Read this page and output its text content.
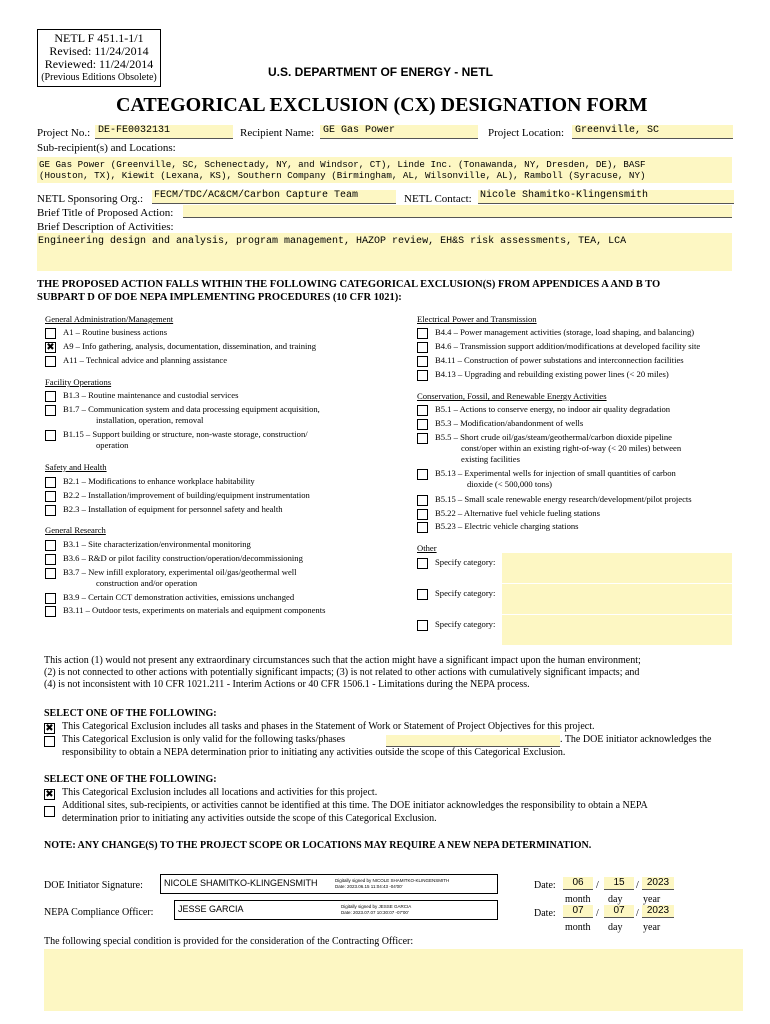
NETL F 451.1-1/1
Revised: 11/24/2014
Reviewed: 11/24/2014
(Previous Editions Obsolete)	U.S. DEPARTMENT OF ENERGY - NETL
CATEGORICAL EXCLUSION (CX) DESIGNATION FORM
Project No.: DE-FE0032131	Recipient Name: GE Gas Power	Project Location:	Greenville, SC
Sub-recipient(s) and Locations:
GE Gas Power (Greenville, SC, Schenectady, NY, and Windsor, CT), Linde Inc. (Tonawanda, NY, Dresden, DE), BASF
(Houston, TX), Kiewit (Lexana, KS), Southern Company (Birmingham, AL, Wilsonville, AL), Ramboll (Syracuse, NY)
NETL Sponsoring Org.: FECM/TDC/AC&CM/Carbon Capture Team	NETL Contact: Nicole Shamitko-Klingensmith
Brief Title of Proposed Action:
Brief Description of Activities:
Engineering design and analysis, program management, HAZOP review, EH&S risk assessments, TEA, LCA
THE PROPOSED ACTION FALLS WITHIN THE FOLLOWING CATEGORICAL EXCLUSION(S) FROM APPENDICES A AND B TO
SUBPART D OF DOE NEPA IMPLEMENTING PROCEDURES (10 CFR 1021):
General Administration/Management
A1 – Routine business actions
✖ A9 – Info gathering, analysis, documentation, dissemination, and training
A11 – Technical advice and planning assistance
Facility Operations
B1.3 – Routine maintenance and custodial services
B1.7 – Communication system and data processing equipment acquisition,
installation, operation, removal
B1.15 – Support building or structure, non-waste storage, construction/
operation
Safety and Health
B2.1 – Modifications to enhance workplace habitability
B2.2 – Installation/improvement of building/equipment instrumentation
B2.3 – Installation of equipment for personnel safety and health
General Research
B3.1 – Site characterization/environmental monitoring
B3.6 – R&D or pilot facility construction/operation/decommissioning
B3.7 – New infill exploratory, experimental oil/gas/geothermal well
construction and/or operation
B3.9 – Certain CCT demonstration activities, emissions unchanged
B3.11 – Outdoor tests, experiments on materials and equipment components
Electrical Power and Transmission
B4.4 – Power management activities (storage, load shaping, and balancing)
B4.6 – Transmission support addition/modifications at developed facility site
B4.11 – Construction of power substations and interconnection facilities
B4.13 – Upgrading and rebuilding existing power lines (< 20 miles)
Conservation, Fossil, and Renewable Energy Activities
B5.1 – Actions to conserve energy, no indoor air quality degradation
B5.3 – Modification/abandonment of wells
B5.5 – Short crude oil/gas/steam/geothermal/carbon dioxide pipeline
const/oper within an existing right-of-way (< 20 miles) between
existing facilities
B5.13 – Experimental wells for injection of small quantities of carbon
dioxide (< 500,000 tons)
B5.15 – Small scale renewable energy research/development/pilot projects
B5.22 – Alternative fuel vehicle fueling stations
B5.23 – Electric vehicle charging stations
Other
Specify category:
Specify category:
Specify category:
This action (1) would not present any extraordinary circumstances such that the action might have a significant impact upon the human environment;
(2) is not connected to other actions with potentially significant impacts; (3) is not related to other actions with cumulatively significant impacts; and
(4) is not inconsistent with 10 CFR 1021.211 - Interim Actions or 40 CFR 1506.1 - Limitations during the NEPA process.
SELECT ONE OF THE FOLLOWING:
✖ This Categorical Exclusion includes all tasks and phases in the Statement of Work or Statement of Project Objectives for this project.
This Categorical Exclusion is only valid for the following tasks/phases	. The DOE initiator acknowledges the
responsibility to obtain a NEPA determination prior to initiating any activities outside the scope of this Categorical Exclusion.
SELECT ONE OF THE FOLLOWING:
✖ This Categorical Exclusion includes all locations and activities for this project.
Additional sites, sub-recipients, or activities cannot be identified at this time. The DOE initiator acknowledges the responsibility to obtain a NEPA
determination prior to initiating any activities outside the scope of this Categorical Exclusion.
NOTE: ANY CHANGE(S) TO THE PROJECT SCOPE OR LOCATIONS MAY REQUIRE A NEW NEPA DETERMINATION.
DOE Initiator Signature: NICOLE SHAMITKO-KLINGENSMITH	Digitally signed by NICOLE SHAMITKO-KLINGENSMITH
Date: 2023.06.15 11:04:43 -04'00'
NEPA Compliance Officer:	JESSE GARCIA	Digitally signed by JESSE GARCIA
Date: 2023.07.07 10:30:07 -07'00'
Date:	06	/	15	/ 2023
month day year
Date:	07	/	07	/ 2023
month day year
The following special condition is provided for the consideration of the Contracting Officer:
